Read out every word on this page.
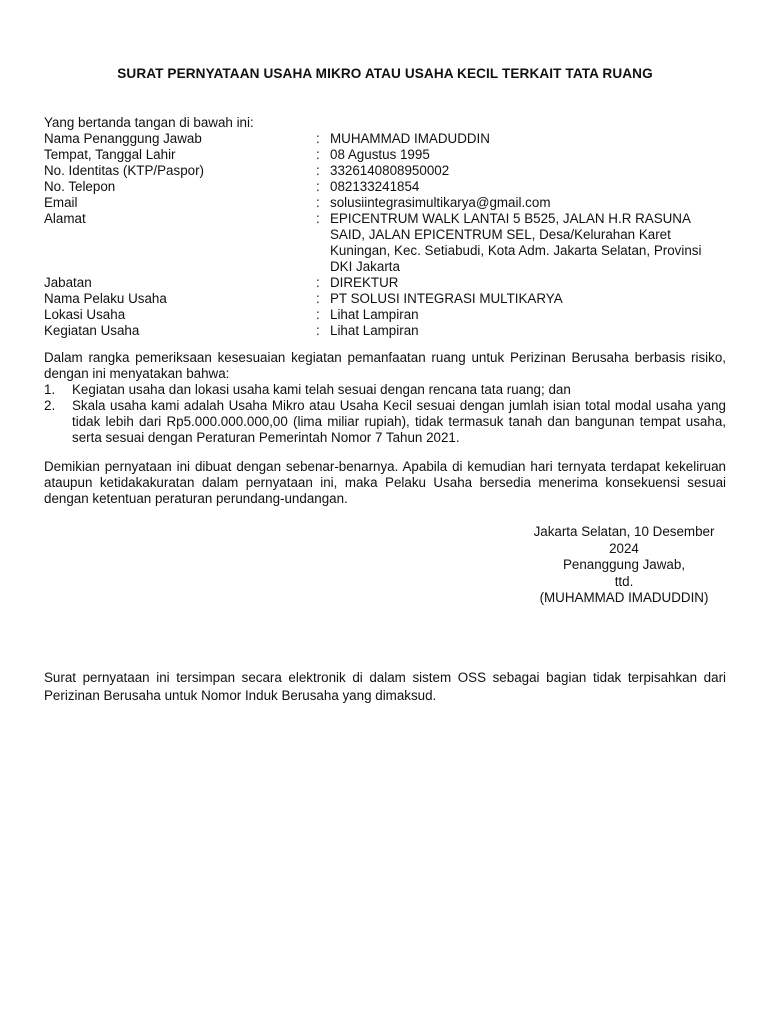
SURAT PERNYATAAN USAHA MIKRO ATAU USAHA KECIL TERKAIT TATA RUANG
Yang bertanda tangan di bawah ini:
Nama Penanggung Jawab	: MUHAMMAD IMADUDDIN
Tempat, Tanggal Lahir	: 08 Agustus 1995
No. Identitas (KTP/Paspor)	: 3326140808950002
No. Telepon	: 082133241854
Email	: solusiintegrasimultikarya@gmail.com
Alamat	: EPICENTRUM WALK LANTAI 5 B525, JALAN H.R RASUNA SAID, JALAN EPICENTRUM SEL, Desa/Kelurahan Karet Kuningan, Kec. Setiabudi, Kota Adm. Jakarta Selatan, Provinsi DKI Jakarta
Jabatan	: DIREKTUR
Nama Pelaku Usaha	: PT SOLUSI INTEGRASI MULTIKARYA
Lokasi Usaha	: Lihat Lampiran
Kegiatan Usaha	: Lihat Lampiran
Dalam rangka pemeriksaan kesesuaian kegiatan pemanfaatan ruang untuk Perizinan Berusaha berbasis risiko, dengan ini menyatakan bahwa:
1.	Kegiatan usaha dan lokasi usaha kami telah sesuai dengan rencana tata ruang; dan
2.	Skala usaha kami adalah Usaha Mikro atau Usaha Kecil sesuai dengan jumlah isian total modal usaha yang tidak lebih dari Rp5.000.000.000,00 (lima miliar rupiah), tidak termasuk tanah dan bangunan tempat usaha, serta sesuai dengan Peraturan Pemerintah Nomor 7 Tahun 2021.
Demikian pernyataan ini dibuat dengan sebenar-benarnya. Apabila di kemudian hari ternyata terdapat kekeliruan ataupun ketidakakuratan dalam pernyataan ini, maka Pelaku Usaha bersedia menerima konsekuensi sesuai dengan ketentuan peraturan perundang-undangan.
Jakarta Selatan, 10 Desember 2024
Penanggung Jawab,
ttd.
(MUHAMMAD IMADUDDIN)
Surat pernyataan ini tersimpan secara elektronik di dalam sistem OSS sebagai bagian tidak terpisahkan dari Perizinan Berusaha untuk Nomor Induk Berusaha yang dimaksud.
